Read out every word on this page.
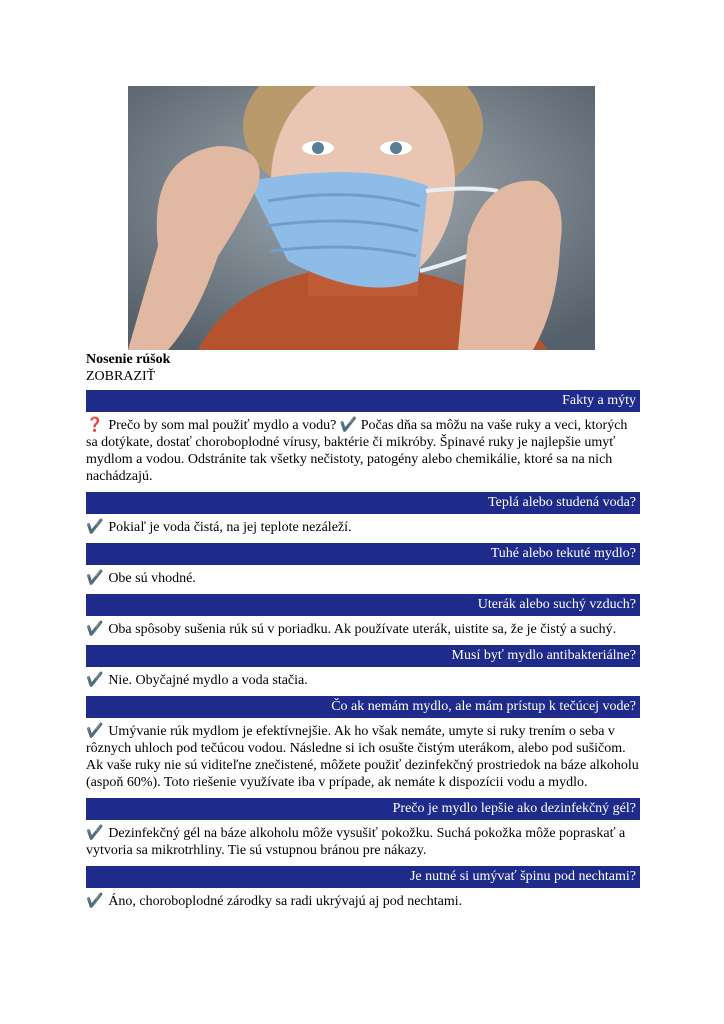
Nosenie rúšok
ZOBRAZIŤ
Fakty a mýty
❓ Prečo by som mal použiť mydlo a vodu? ✔️ Počas dňa sa môžu na vaše ruky a veci, ktorých sa dotýkate, dostať choroboplodné vírusy, baktérie či mikróby. Špinavé ruky je najlepšie umyť mydlom a vodou. Odstránite tak všetky nečistoty, patogény alebo chemikálie, ktoré sa na nich nachádzajú.
Teplá alebo studená voda?
✔️ Pokiaľ je voda čistá, na jej teplote nezáleží.
Tuhé alebo tekuté mydlo?
✔️ Obe sú vhodné.
Uterák alebo suchý vzduch?
✔️ Oba spôsoby sušenia rúk sú v poriadku. Ak používate uterák, uistite sa, že je čistý a suchý.
Musí byť mydlo antibakteriálne?
✔️ Nie. Obyčajné mydlo a voda stačia.
Čo ak nemám mydlo, ale mám prístup k tečúcej vode?
✔️ Umývanie rúk mydlom je efektívnejšie. Ak ho však nemáte, umyte si ruky trením o seba v rôznych uhloch pod tečúcou vodou. Následne si ich osušte čistým uterákom, alebo pod sušičom. Ak vaše ruky nie sú viditeľne znečistené, môžete použiť dezinfekčný prostriedok na báze alkoholu (aspoň 60%). Toto riešenie využívate iba v prípade, ak nemáte k dispozícii vodu a mydlo.
Prečo je mydlo lepšie ako dezinfekčný gél?
✔️ Dezinfekčný gél na báze alkoholu môže vysušiť pokožku. Suchá pokožka môže popraskať a vytvoria sa mikrotrhliny. Tie sú vstupnou bránou pre nákazy.
Je nutné si umývať špinu pod nechtami?
✔️ Áno, choroboplodné zárodky sa radi ukrývajú aj pod nechtami.
